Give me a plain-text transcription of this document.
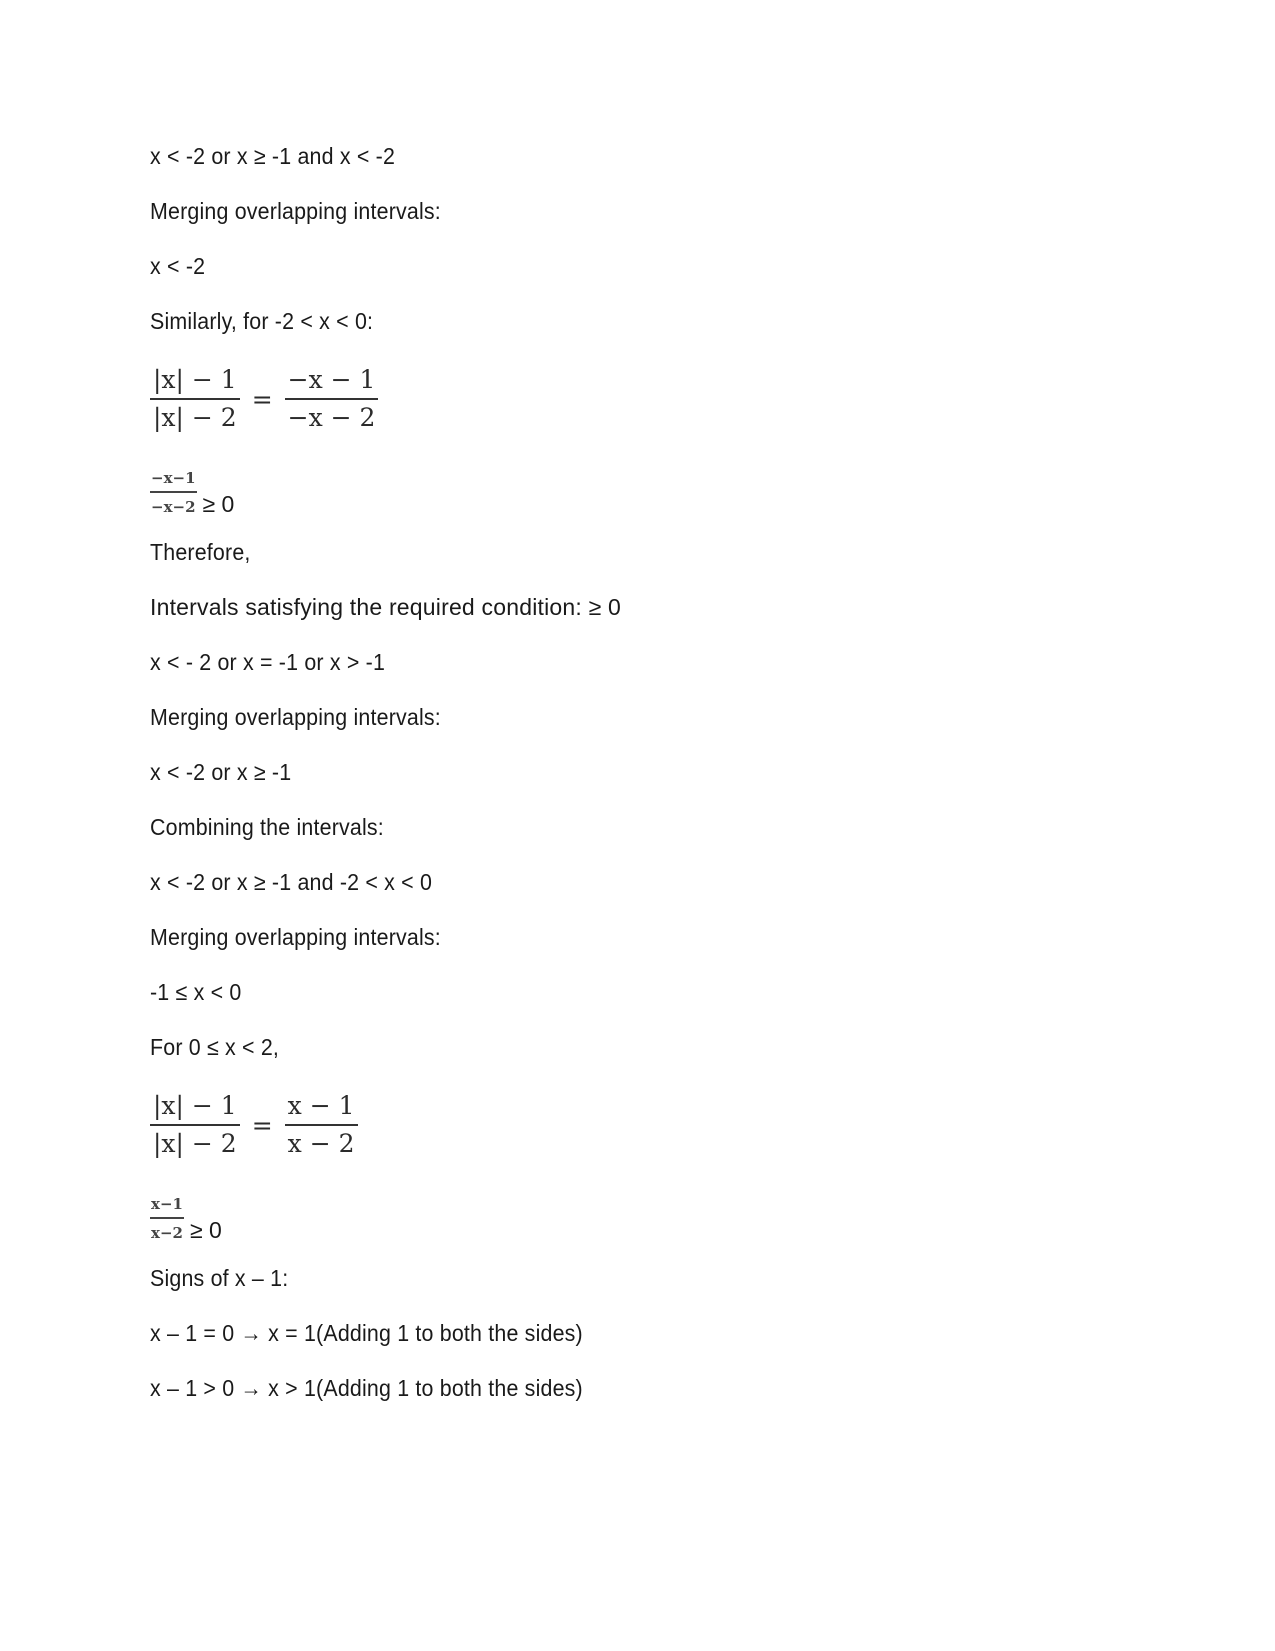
x < -2 or x ≥ -1 and x < -2
Merging overlapping intervals:
x < -2
Similarly, for -2 < x < 0:
$\frac{|x| - 1}{|x| - 2} = \frac{-x - 1}{-x - 2}$
$\frac{-x-1}{-x-2} \ge 0$
Therefore,
Intervals satisfying the required condition: ≥ 0
x < - 2 or x = -1 or x > -1
Merging overlapping intervals:
x < -2 or x ≥ -1
Combining the intervals:
x < -2 or x ≥ -1 and -2 < x < 0
Merging overlapping intervals:
-1 ≤ x < 0
For 0 ≤ x < 2,
$\frac{|x| - 1}{|x| - 2} = \frac{x - 1}{x - 2}$
$\frac{x-1}{x-2} \ge 0$
Signs of x – 1:
x – 1 = 0 → x = 1(Adding 1 to both the sides)
x – 1 > 0 → x > 1(Adding 1 to both the sides)
